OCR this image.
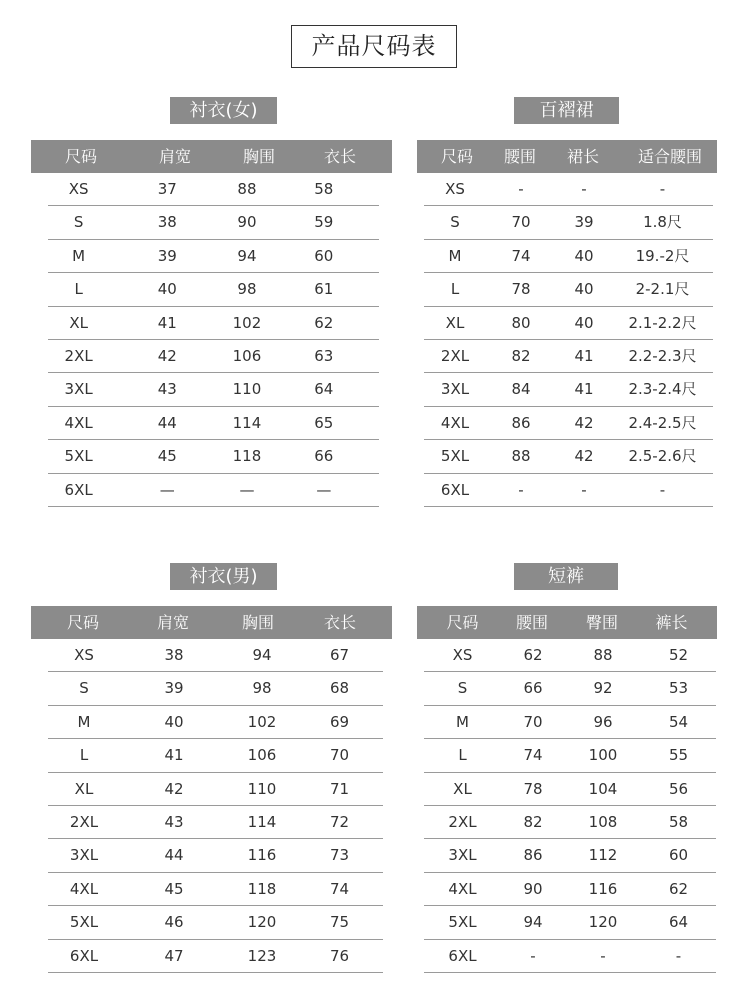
产品尺码表
衬衣(女)
尺码	肩宽	胸围	衣长
XS	37	88	58
S	38	90	59
M	39	94	60
L	40	98	61
XL	41	102	62
2XL	42	106	63
3XL	43	110	64
4XL	44	114	65
5XL	45	118	66
6XL	—	—	—
百褶裙
尺码	腰围	裙长	适合腰围
XS	-	-	-
S	70	39	1.8尺
M	74	40	19.-2尺
L	78	40	2-2.1尺
XL	80	40	2.1-2.2尺
2XL	82	41	2.2-2.3尺
3XL	84	41	2.3-2.4尺
4XL	86	42	2.4-2.5尺
5XL	88	42	2.5-2.6尺
6XL	-	-	-
衬衣(男)
尺码	肩宽	胸围	衣长
XS	38	94	67
S	39	98	68
M	40	102	69
L	41	106	70
XL	42	110	71
2XL	43	114	72
3XL	44	116	73
4XL	45	118	74
5XL	46	120	75
6XL	47	123	76
短裤
尺码	腰围	臀围	裤长
XS	62	88	52
S	66	92	53
M	70	96	54
L	74	100	55
XL	78	104	56
2XL	82	108	58
3XL	86	112	60
4XL	90	116	62
5XL	94	120	64
6XL	-	-	-
